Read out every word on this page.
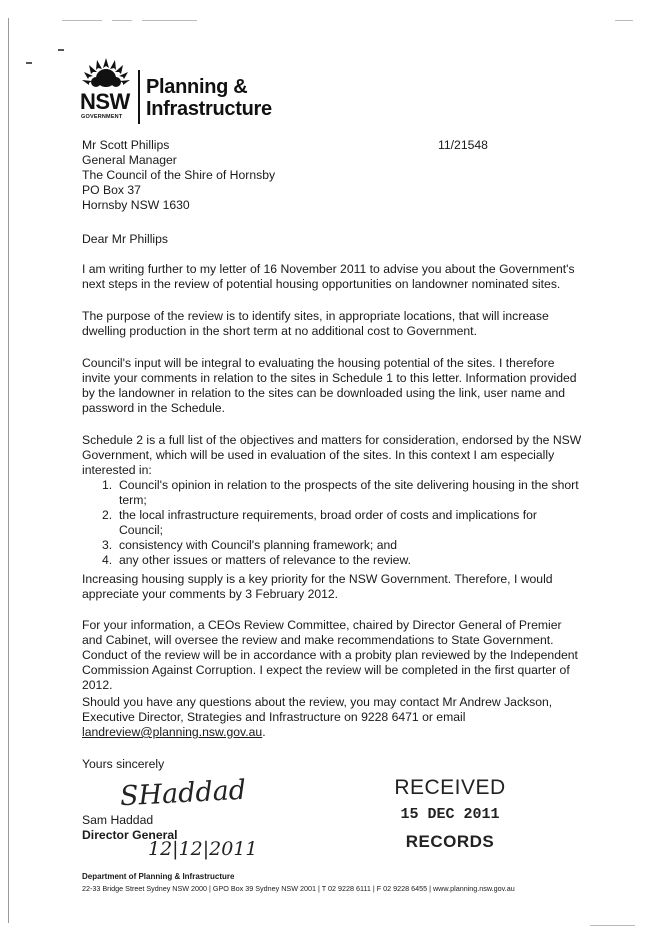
NSW
GOVERNMENT
Planning &
Infrastructure
Mr Scott Phillips
General Manager
The Council of the Shire of Hornsby
PO Box 37
Hornsby NSW 1630
11/21548
Dear Mr Phillips

I am writing further to my letter of 16 November 2011 to advise you about the Government's next steps in the review of potential housing opportunities on landowner nominated sites.

The purpose of the review is to identify sites, in appropriate locations, that will increase dwelling production in the short term at no additional cost to Government.

Council's input will be integral to evaluating the housing potential of the sites. I therefore invite your comments in relation to the sites in Schedule 1 to this letter. Information provided by the landowner in relation to the sites can be downloaded using the link, user name and password in the Schedule.

Schedule 2 is a full list of the objectives and matters for consideration, endorsed by the NSW Government, which will be used in evaluation of the sites. In this context I am especially interested in:

1. Council's opinion in relation to the prospects of the site delivering housing in the short term;
2. the local infrastructure requirements, broad order of costs and implications for Council;
3. consistency with Council's planning framework; and
4. any other issues or matters of relevance to the review.

Increasing housing supply is a key priority for the NSW Government. Therefore, I would appreciate your comments by 3 February 2012.

For your information, a CEOs Review Committee, chaired by Director General of Premier and Cabinet, will oversee the review and make recommendations to State Government. Conduct of the review will be in accordance with a probity plan reviewed by the Independent Commission Against Corruption. I expect the review will be completed in the first quarter of 2012.

Should you have any questions about the review, you may contact Mr Andrew Jackson, Executive Director, Strategies and Infrastructure on 9228 6471 or email landreview@planning.nsw.gov.au.

Yours sincerely
SHaddad
Sam Haddad
Director General
12|12|2011
RECEIVED
15 DEC 2011
RECORDS
Department of Planning & Infrastructure
22-33 Bridge Street Sydney NSW 2000 | GPO Box 39 Sydney NSW 2001 | T 02 9228 6111 | F 02 9228 6455 | www.planning.nsw.gov.au
